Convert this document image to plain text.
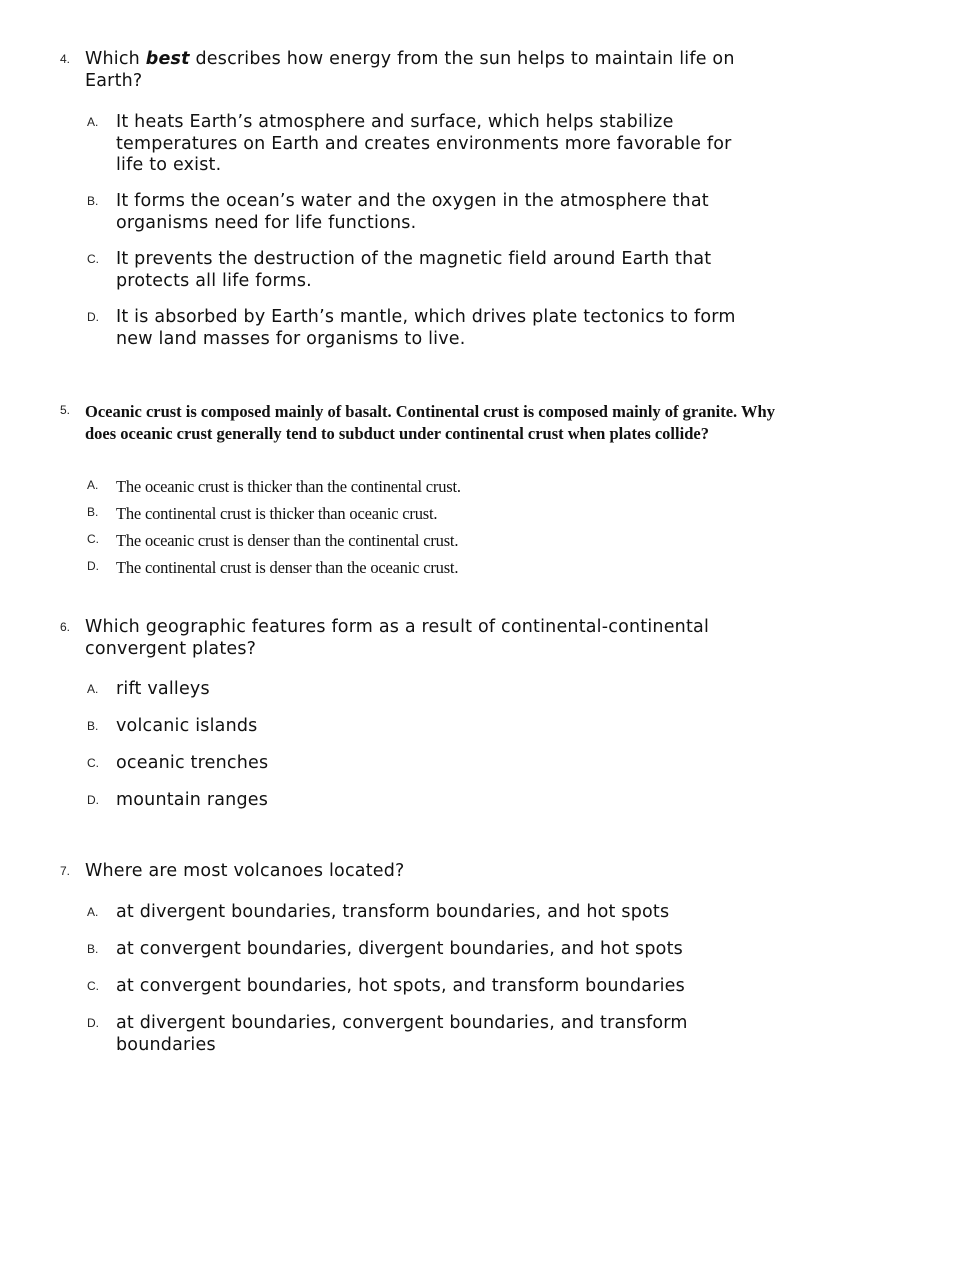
4. Which best describes how energy from the sun helps to maintain life on Earth?
A. It heats Earth’s atmosphere and surface, which helps stabilize temperatures on Earth and creates environments more favorable for life to exist.
B. It forms the ocean’s water and the oxygen in the atmosphere that organisms need for life functions.
C. It prevents the destruction of the magnetic field around Earth that protects all life forms.
D. It is absorbed by Earth’s mantle, which drives plate tectonics to form new land masses for organisms to live.
5. Oceanic crust is composed mainly of basalt. Continental crust is composed mainly of granite. Why does oceanic crust generally tend to subduct under continental crust when plates collide?
A. The oceanic crust is thicker than the continental crust.
B. The continental crust is thicker than oceanic crust.
C. The oceanic crust is denser than the continental crust.
D. The continental crust is denser than the oceanic crust.
6. Which geographic features form as a result of continental-continental convergent plates?
A. rift valleys
B. volcanic islands
C. oceanic trenches
D. mountain ranges
7. Where are most volcanoes located?
A. at divergent boundaries, transform boundaries, and hot spots
B. at convergent boundaries, divergent boundaries, and hot spots
C. at convergent boundaries, hot spots, and transform boundaries
D. at divergent boundaries, convergent boundaries, and transform boundaries
